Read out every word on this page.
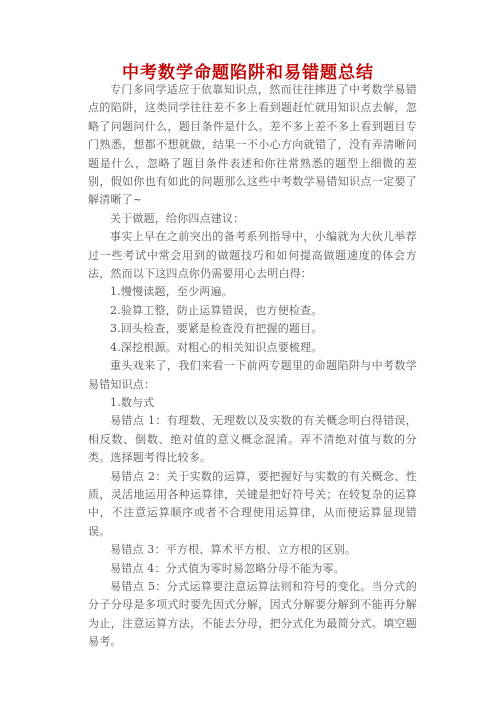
中考数学命题陷阱和易错题总结

专门多同学适应于依靠知识点，然而往往摔进了中考数学易错点的陷阱，这类同学往往差不多上看到题赶忙就用知识点去解，忽略了问题问什么，题目条件是什么。差不多上差不多上看到题目专门熟悉，想都不想就做，结果一不小心方向就错了，没有弄清晰问题是什么，忽略了题目条件表述和你往常熟悉的题型上细微的差别，假如你也有如此的问题那么这些中考数学易错知识点一定要了解清晰了~

关于做题，给你四点建议：

事实上早在之前突出的备考系列指导中，小编就为大伙儿举荐过一些考试中常会用到的做题技巧和如何提高做题速度的体会方法，然而以下这四点你仍需要用心去明白得：

1.慢慢读题，至少两遍。

2.验算工整，防止运算错误，也方便检查。

3.回头检查，要紧是检查没有把握的题目。

4.深挖根源。对粗心的相关知识点要梳理。

重头戏来了，我们来看一下前两专题里的命题陷阱与中考数学易错知识点：

1.数与式

易错点 1：有理数、无理数以及实数的有关概念明白得错误，相反数、倒数、绝对值的意义概念混淆。弄不清绝对值与数的分类。选择题考得比较多。

易错点 2：关于实数的运算，要把握好与实数的有关概念、性质，灵活地运用各种运算律，关键是把好符号关；在较复杂的运算中，不注意运算顺序或者不合理使用运算律，从而使运算显现错误。

易错点 3：平方根、算术平方根、立方根的区别。

易错点 4：分式值为零时易忽略分母不能为零。

易错点 5：分式运算要注意运算法则和符号的变化。当分式的分子分母是多项式时要先因式分解，因式分解要分解到不能再分解为止，注意运算方法，不能去分母，把分式化为最简分式。填空题易考。
